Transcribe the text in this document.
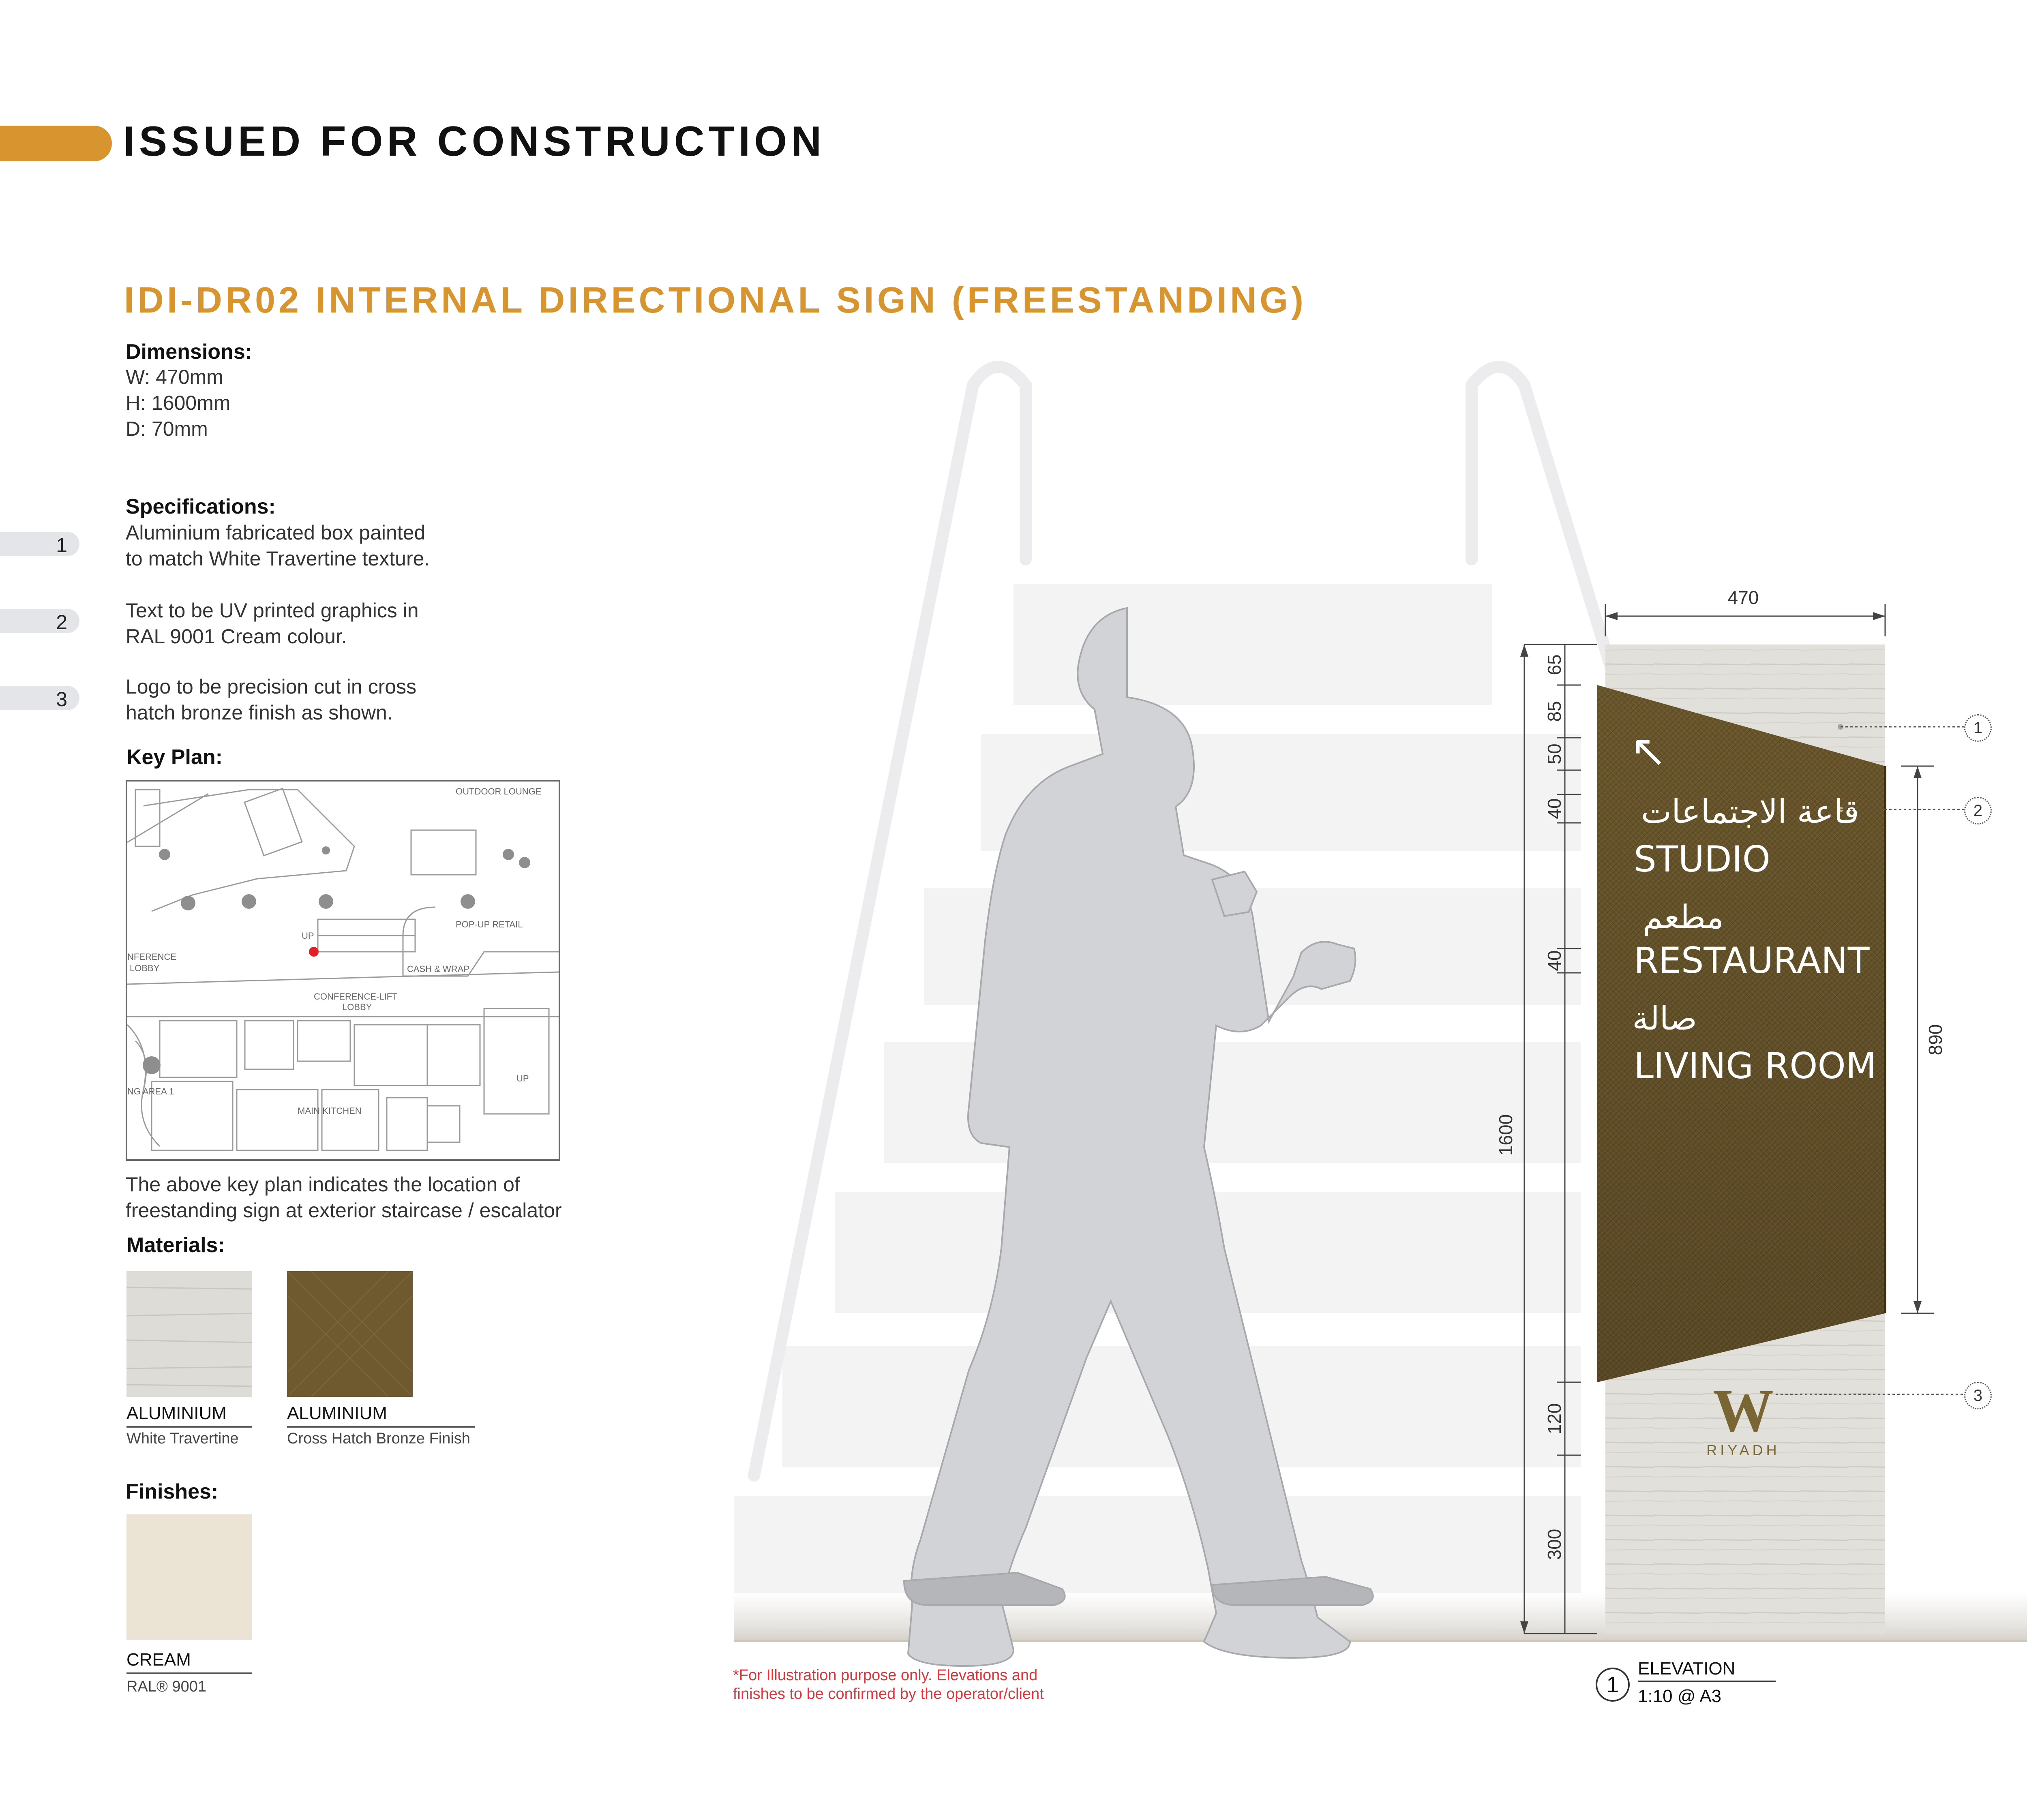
ISSUED FOR CONSTRUCTION

IDI-DR02 INTERNAL DIRECTIONAL SIGN (FREESTANDING)
Dimensions:
W: 470mm
H: 1600mm
D: 70mm
Specifications:
1
Aluminium fabricated box painted
to match White Travertine texture.
2
Text to be UV printed graphics in
RAL 9001 Cream colour.
3
Logo to be precision cut in cross
hatch bronze finish as shown.
Key Plan:
OUTDOOR LOUNGE
UP
POP-UP RETAIL
NFERENCE
LOBBY	CASH & WRAP
CONFERENCE-LIFT
LOBBY
UP
NG AREA 1
MAIN KITCHEN
The above key plan indicates the location of
freestanding sign at exterior staircase / escalator
Materials:
ALUMINIUM
White Travertine
ALUMINIUM
Cross Hatch Bronze Finish
Finishes:
CREAM
RAL® 9001
↖
قاعة الاجتماعات
STUDIO
مطعم
RESTAURANT
صالة
LIVING ROOM
W
RIYADH
470
1600
890
65
85
50
40
40
120
300
1
2
3
*For Illustration purpose only. Elevations and
finishes to be confirmed by the operator/client	1
ELEVATION
1:10 @ A3
